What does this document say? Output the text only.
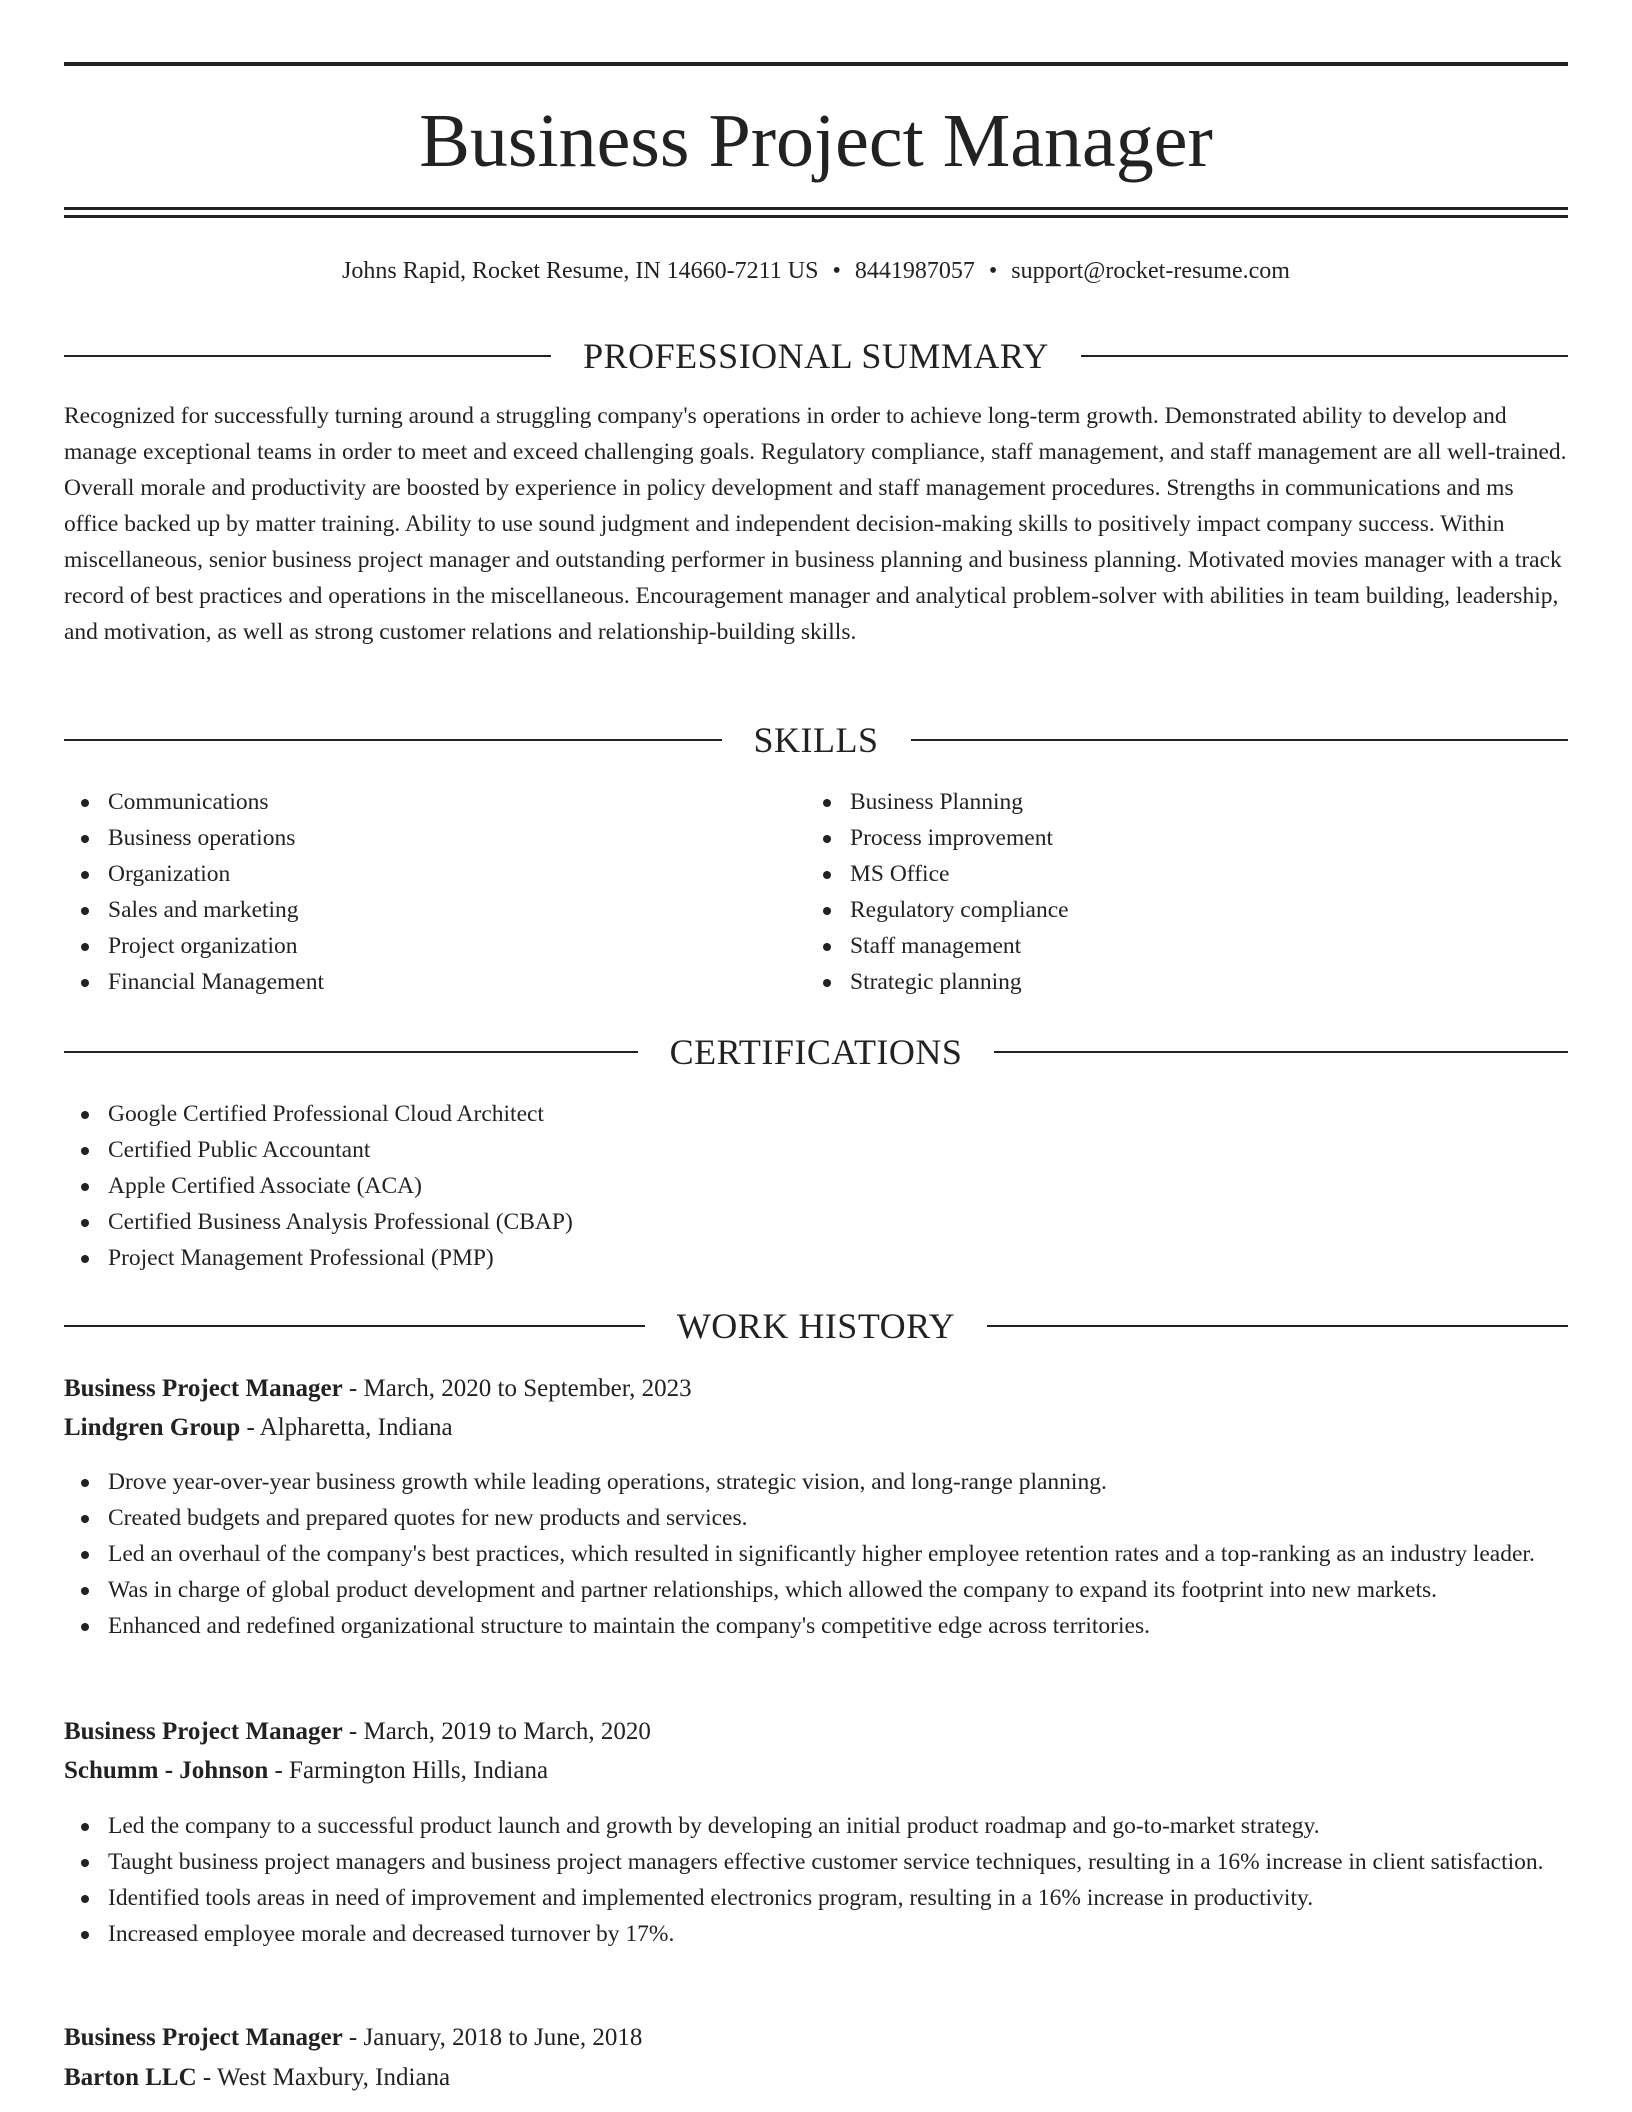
Business Project Manager
Johns Rapid, Rocket Resume, IN 14660-7211 US • 8441987057 • support@rocket-resume.com
PROFESSIONAL SUMMARY

Recognized for successfully turning around a struggling company's operations in order to achieve long-term growth. Demonstrated ability to develop and manage exceptional teams in order to meet and exceed challenging goals. Regulatory compliance, staff management, and staff management are all well-trained. Overall morale and productivity are boosted by experience in policy development and staff management procedures. Strengths in communications and ms office backed up by matter training. Ability to use sound judgment and independent decision-making skills to positively impact company success. Within miscellaneous, senior business project manager and outstanding performer in business planning and business planning. Motivated movies manager with a track record of best practices and operations in the miscellaneous. Encouragement manager and analytical problem-solver with abilities in team building, leadership, and motivation, as well as strong customer relations and relationship-building skills.

SKILLS
Communications
Business operations
Organization
Sales and marketing
Project organization
Financial Management
Business Planning
Process improvement
MS Office
Regulatory compliance
Staff management
Strategic planning
CERTIFICATIONS
Google Certified Professional Cloud Architect
Certified Public Accountant
Apple Certified Associate (ACA)
Certified Business Analysis Professional (CBAP)
Project Management Professional (PMP)
WORK HISTORY
Business Project Manager - March, 2020 to September, 2023
Lindgren Group - Alpharetta, Indiana
Drove year-over-year business growth while leading operations, strategic vision, and long-range planning.
Created budgets and prepared quotes for new products and services.
Led an overhaul of the company's best practices, which resulted in significantly higher employee retention rates and a top-ranking as an industry leader.
Was in charge of global product development and partner relationships, which allowed the company to expand its footprint into new markets.
Enhanced and redefined organizational structure to maintain the company's competitive edge across territories.
Business Project Manager - March, 2019 to March, 2020
Schumm - Johnson - Farmington Hills, Indiana
Led the company to a successful product launch and growth by developing an initial product roadmap and go-to-market strategy.
Taught business project managers and business project managers effective customer service techniques, resulting in a 16% increase in client satisfaction.
Identified tools areas in need of improvement and implemented electronics program, resulting in a 16% increase in productivity.
Increased employee morale and decreased turnover by 17%.
Business Project Manager - January, 2018 to June, 2018
Barton LLC - West Maxbury, Indiana
